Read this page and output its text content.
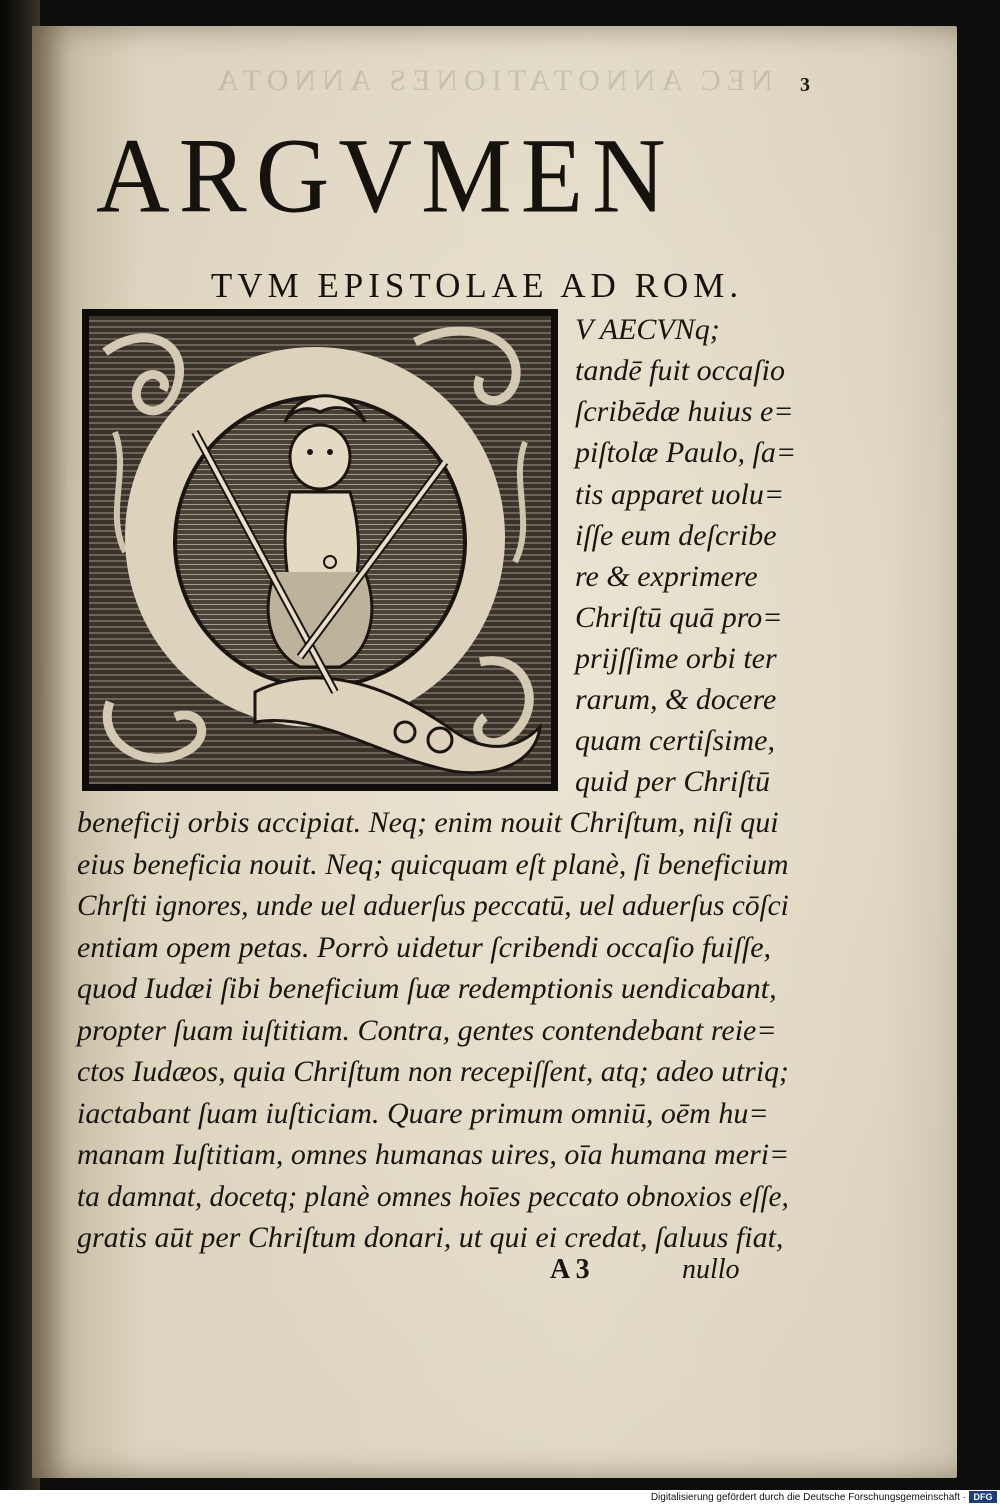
NEC ANNOTATIONES ANNOTA	3
ARGVMEN
TVM EPISTOLAE AD ROM.
V AECVNq;
tandē fuit occaſio
ſcribēdæ huius e=
piſtolæ Paulo, ſa=
tis apparet uolu=
iſſe eum deſcribe
re & exprimere
Chriſtū quā pro=
prijſſime orbi ter
rarum, & docere
quam certiſsime,
quid per Chriſtū
beneficij orbis accipiat. Neq; enim nouit Chriſtum, niſi qui
eius beneficia nouit. Neq; quicquam eſt planè, ſi beneficium
Chrſti ignores, unde uel aduerſus peccatū, uel aduerſus cōſci
entiam opem petas. Porrò uidetur ſcribendi occaſio fuiſſe,
quod Iudæi ſibi beneficium ſuæ redemptionis uendicabant,
propter ſuam iuſtitiam. Contra, gentes contendebant reie=
ctos Iudæos, quia Chriſtum non recepiſſent, atq; adeo utriq;
iactabant ſuam iuſticiam. Quare primum omniū, oēm hu=
manam Iuſtitiam, omnes humanas uires, oīa humana meri=
ta damnat, docetq; planè omnes hoīes peccato obnoxios eſſe,
gratis aūt per Chriſtum donari, ut qui ei credat, ſaluus fiat,
A 3	nullo
Digitalisierung gefördert durch die Deutsche Forschungsgemeinschaft · DFG
